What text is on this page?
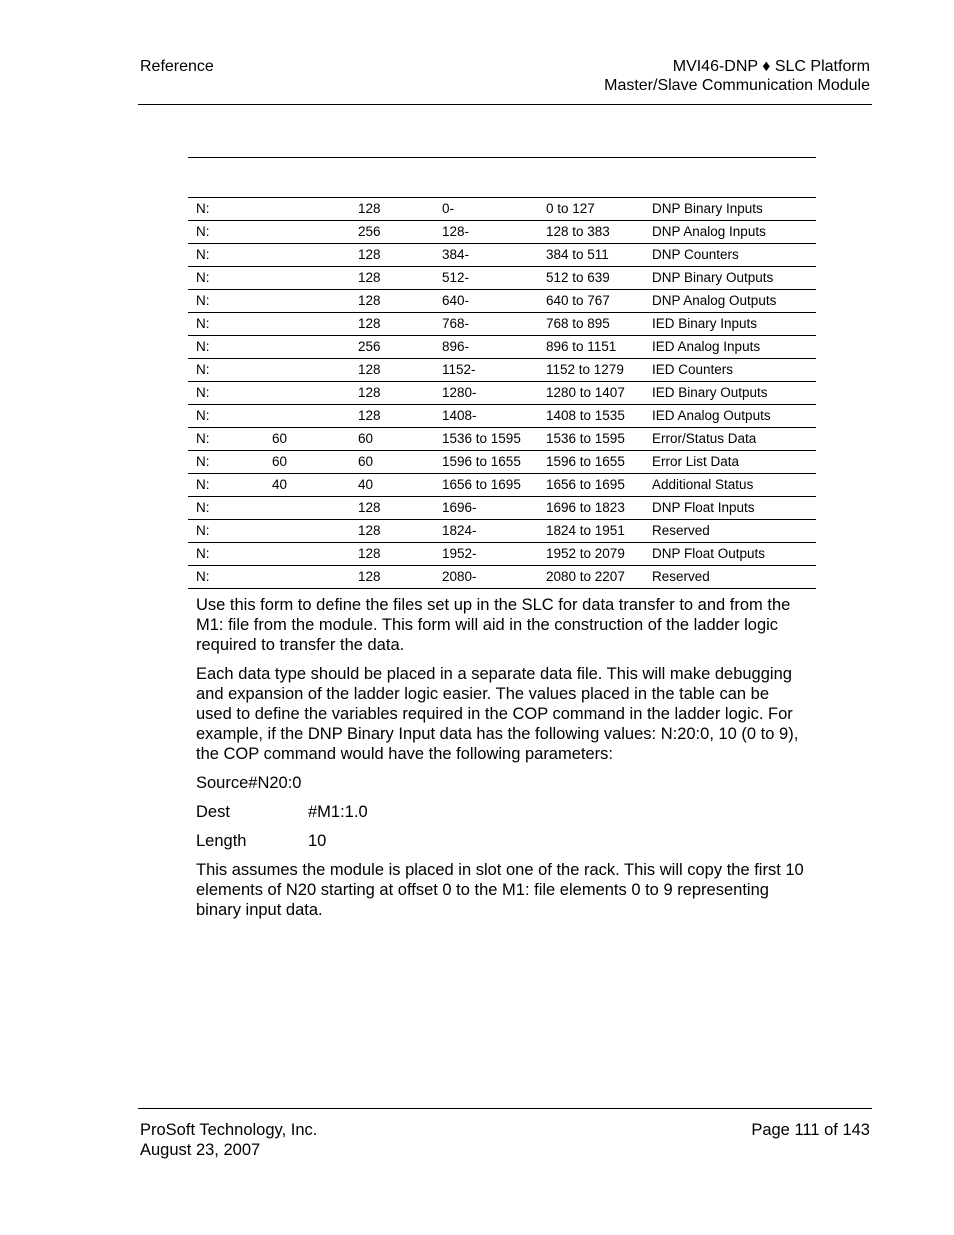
Reference	MVI46-DNP ♦ SLC Platform
Master/Slave Communication Module
N:		128	0-	0 to 127	DNP Binary Inputs
N:		256	128-	128 to 383	DNP Analog Inputs
N:		128	384-	384 to 511	DNP Counters
N:		128	512-	512 to 639	DNP Binary Outputs
N:		128	640-	640 to 767	DNP Analog Outputs
N:		128	768-	768 to 895	IED Binary Inputs
N:		256	896-	896 to 1151	IED Analog Inputs
N:		128	1152-	1152 to 1279	IED Counters
N:		128	1280-	1280 to 1407	IED Binary Outputs
N:		128	1408-	1408 to 1535	IED Analog Outputs
N:	60	60	1536 to 1595	1536 to 1595	Error/Status Data
N:	60	60	1596 to 1655	1596 to 1655	Error List Data
N:	40	40	1656 to 1695	1656 to 1695	Additional Status
N:		128	1696-	1696 to 1823	DNP Float Inputs
N:		128	1824-	1824 to 1951	Reserved
N:		128	1952-	1952 to 2079	DNP Float Outputs
N:		128	2080-	2080 to 2207	Reserved

Use this form to define the files set up in the SLC for data transfer to and from the M1: file from the module. This form will aid in the construction of the ladder logic required to transfer the data.

Each data type should be placed in a separate data file. This will make debugging and expansion of the ladder logic easier. The values placed in the table can be used to define the variables required in the COP command in the ladder logic. For example, if the DNP Binary Input data has the following values: N:20:0, 10 (0 to 9), the COP command would have the following parameters:

Source#N20:0

Dest	#M1:1.0
Length	10

This assumes the module is placed in slot one of the rack. This will copy the first 10 elements of N20 starting at offset 0 to the M1: file elements 0 to 9 representing binary input data.

ProSoft Technology, Inc.
August 23, 2007
Page 111 of 143
